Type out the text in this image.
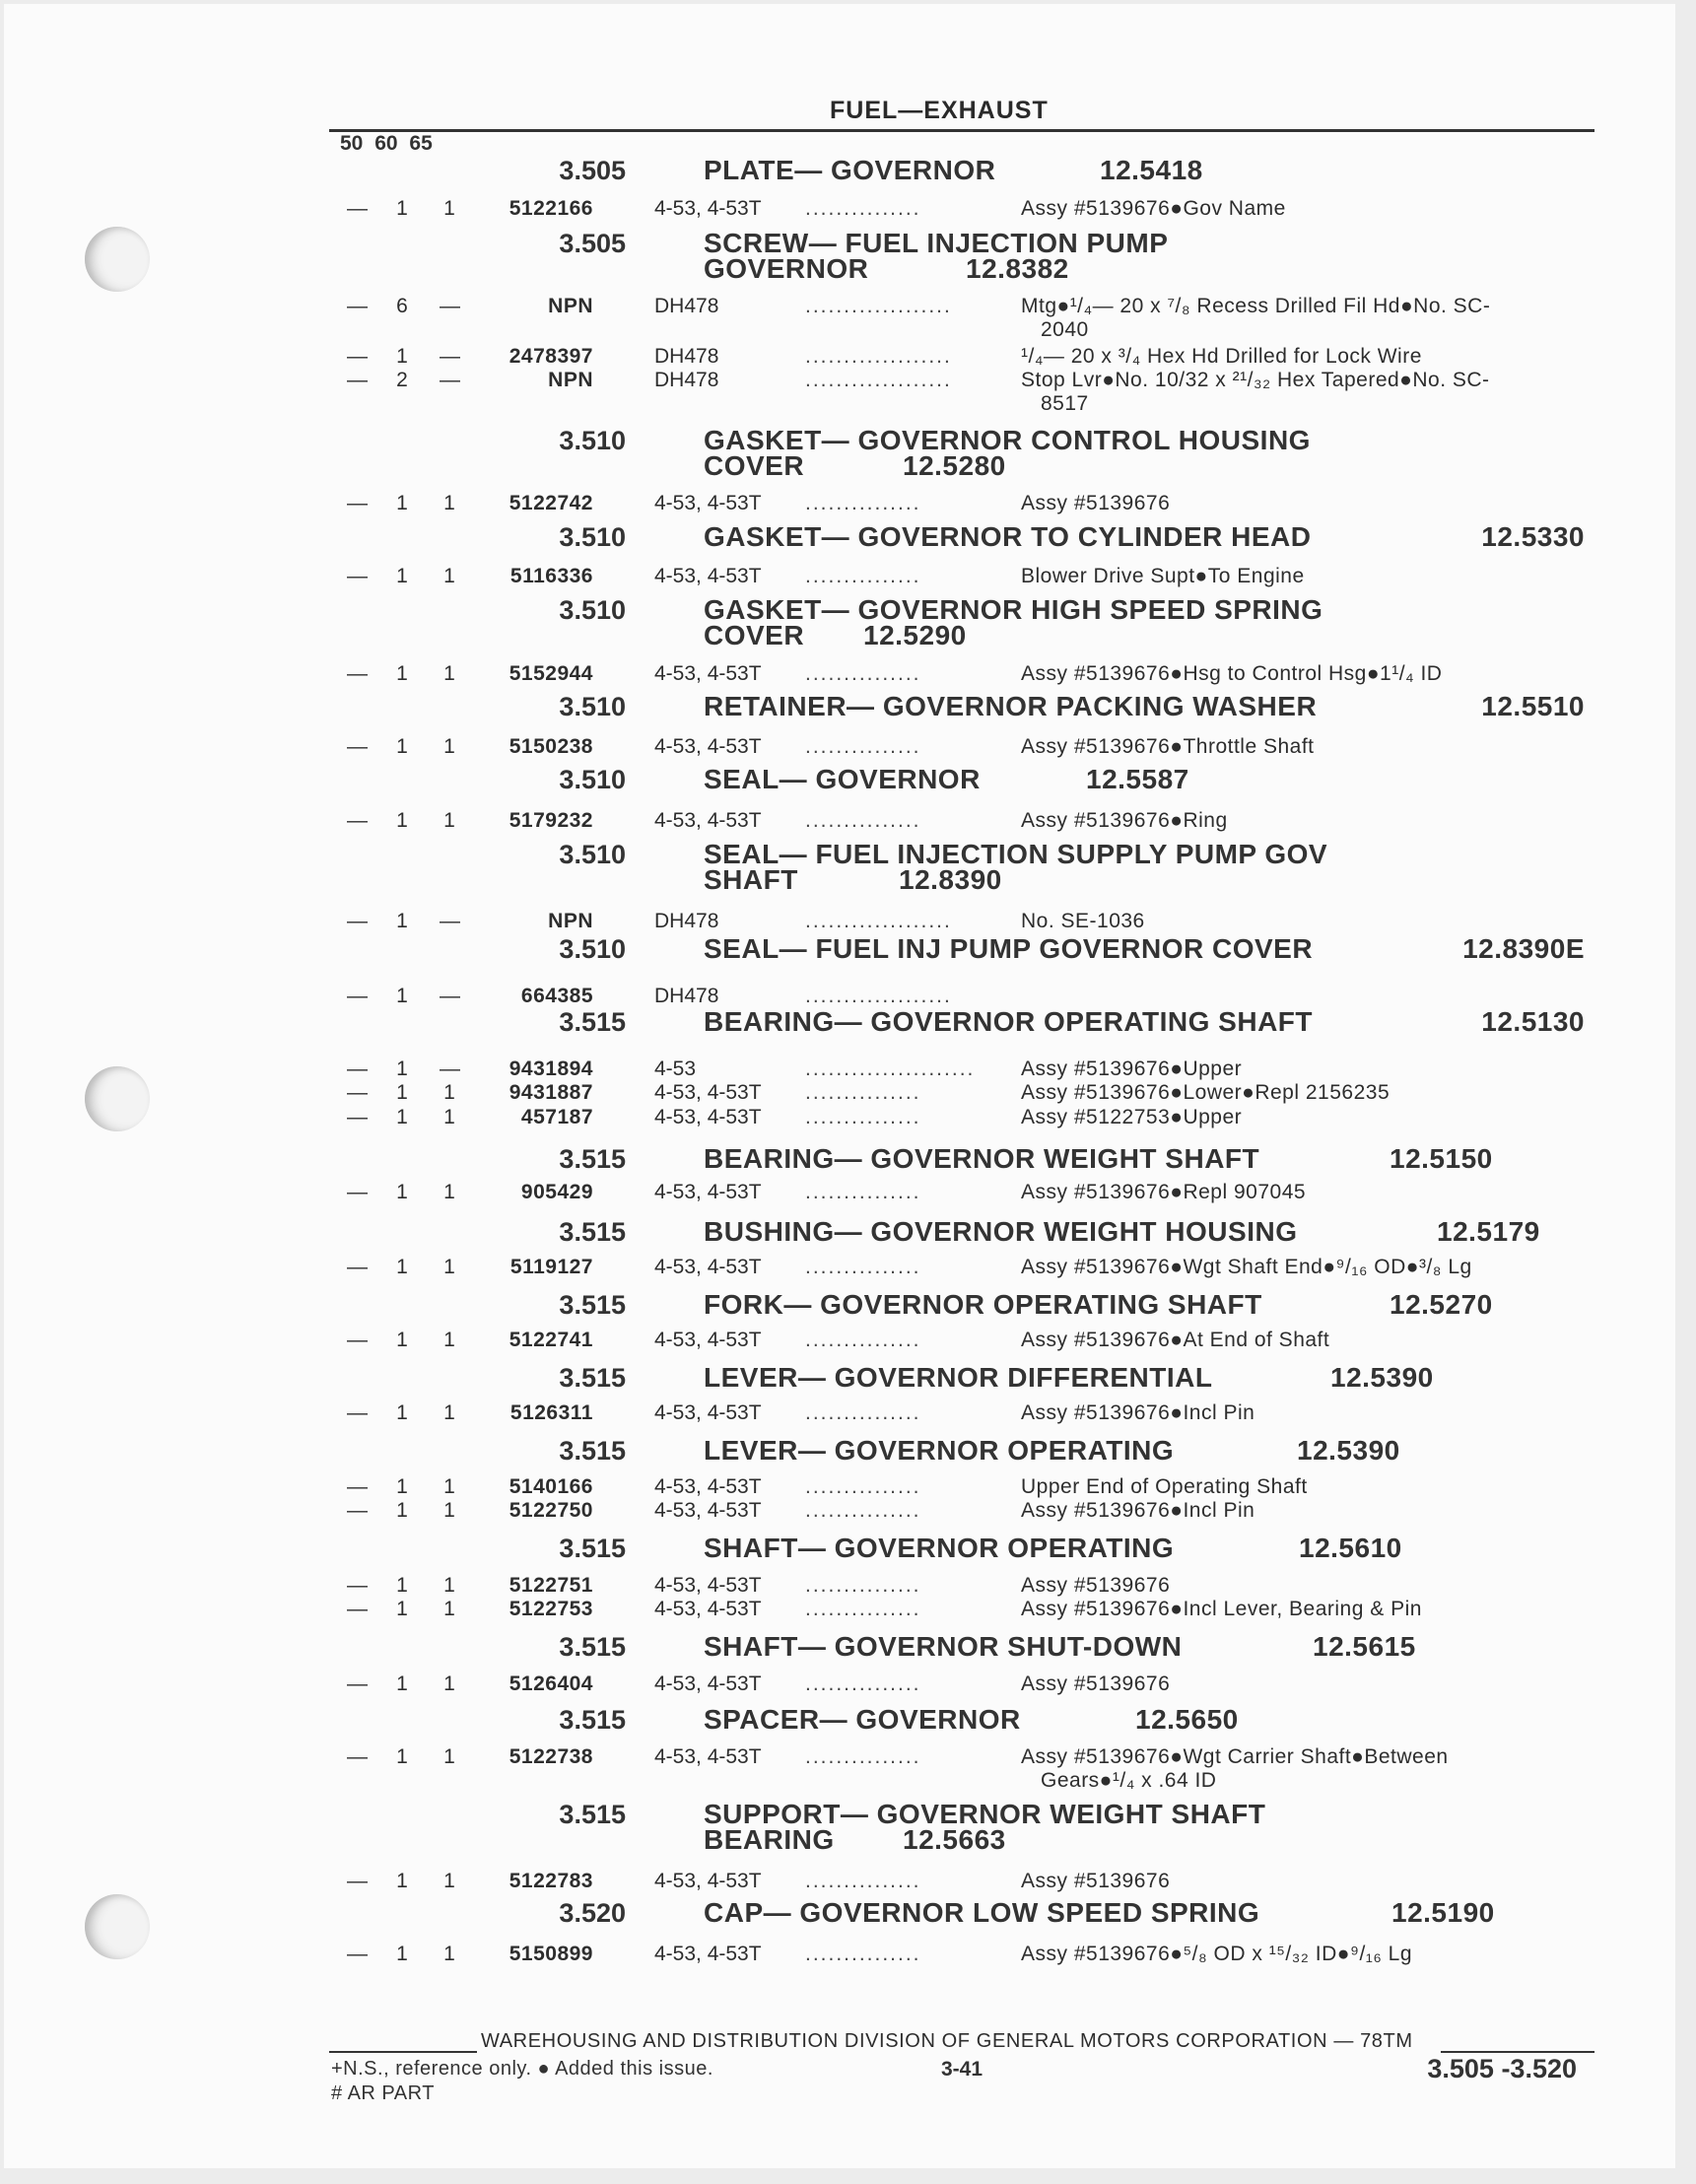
FUEL—EXHAUST
50 60 65
3.505	PLATE— GOVERNOR	12.5418
— 1 1	5122166	4-53, 4-53T ...............	Assy #5139676●Gov Name
3.505	SCREW— FUEL INJECTION PUMP
GOVERNOR	12.8382
— 6 —	NPN	DH478	...................	Mtg●¹/₄— 20 x ⁷/₈ Recess Drilled Fil Hd●No. SC-
2040
— 1 —	2478397	DH478	...................	¹/₄— 20 x ³/₄ Hex Hd Drilled for Lock Wire
— 2 —	NPN	DH478	...................	Stop Lvr●No. 10/32 x ²¹/₃₂ Hex Tapered●No. SC-
8517
3.510	GASKET— GOVERNOR CONTROL HOUSING
COVER	12.5280
— 1 1	5122742	4-53, 4-53T ...............	Assy #5139676
3.510	GASKET— GOVERNOR TO CYLINDER HEAD	12.5330
— 1 1	5116336	4-53, 4-53T ...............	Blower Drive Supt●To Engine
3.510	GASKET— GOVERNOR HIGH SPEED SPRING
COVER	12.5290
— 1 1	5152944	4-53, 4-53T ...............	Assy #5139676●Hsg to Control Hsg●1¹/₄ ID
3.510	RETAINER— GOVERNOR PACKING WASHER	12.5510
— 1 1	5150238	4-53, 4-53T ...............	Assy #5139676●Throttle Shaft
3.510	SEAL— GOVERNOR	12.5587
— 1 1	5179232	4-53, 4-53T ...............	Assy #5139676●Ring
3.510	SEAL— FUEL INJECTION SUPPLY PUMP GOV
SHAFT	12.8390
— 1 —	NPN	DH478	...................	No. SE-1036
3.510	SEAL— FUEL INJ PUMP GOVERNOR COVER	12.8390E
— 1 —	664385	DH478	...................
3.515	BEARING— GOVERNOR OPERATING SHAFT	12.5130
— 1 —	9431894	4-53	...................... Assy #5139676●Upper
— 1 1	9431887	4-53, 4-53T ...............	Assy #5139676●Lower●Repl 2156235
— 1 1	457187	4-53, 4-53T ...............	Assy #5122753●Upper
3.515	BEARING— GOVERNOR WEIGHT SHAFT	12.5150
— 1 1	905429	4-53, 4-53T ...............	Assy #5139676●Repl 907045
3.515	BUSHING— GOVERNOR WEIGHT HOUSING	12.5179
— 1 1	5119127	4-53, 4-53T ...............	Assy #5139676●Wgt Shaft End●⁹/₁₆ OD●³/₈ Lg
3.515	FORK— GOVERNOR OPERATING SHAFT	12.5270
— 1 1	5122741	4-53, 4-53T ...............	Assy #5139676●At End of Shaft
3.515	LEVER— GOVERNOR DIFFERENTIAL	12.5390
— 1 1	5126311	4-53, 4-53T ...............	Assy #5139676●Incl Pin
3.515	LEVER— GOVERNOR OPERATING	12.5390
— 1 1	5140166	4-53, 4-53T ...............	Upper End of Operating Shaft
— 1 1	5122750	4-53, 4-53T ...............	Assy #5139676●Incl Pin
3.515	SHAFT— GOVERNOR OPERATING	12.5610
— 1 1	5122751	4-53, 4-53T ...............	Assy #5139676
— 1 1	5122753	4-53, 4-53T ...............	Assy #5139676●Incl Lever, Bearing & Pin
3.515	SHAFT— GOVERNOR SHUT-DOWN	12.5615
— 1 1	5126404	4-53, 4-53T ...............	Assy #5139676
3.515	SPACER— GOVERNOR	12.5650
— 1 1	5122738	4-53, 4-53T ...............	Assy #5139676●Wgt Carrier Shaft●Between
Gears●¹/₄ x .64 ID
3.515	SUPPORT— GOVERNOR WEIGHT SHAFT
BEARING	12.5663
— 1 1	5122783	4-53, 4-53T ...............	Assy #5139676
3.520	CAP— GOVERNOR LOW SPEED SPRING	12.5190
— 1 1	5150899	4-53, 4-53T ...............	Assy #5139676●⁵/₈ OD x ¹⁵/₃₂ ID●⁹/₁₆ Lg
WAREHOUSING AND DISTRIBUTION DIVISION OF GENERAL MOTORS CORPORATION — 78TM
+N.S., reference only. ● Added this issue.	3-41	3.505 -3.520
# AR PART
